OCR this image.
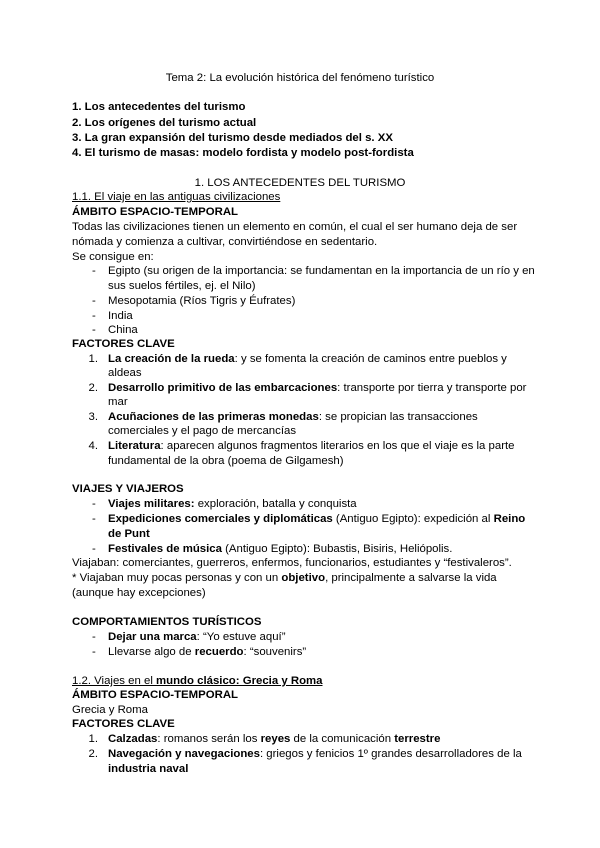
Tema 2: La evolución histórica del fenómeno turístico
1. Los antecedentes del turismo
2. Los orígenes del turismo actual
3. La gran expansión del turismo desde mediados del s. XX
4. El turismo de masas: modelo fordista y modelo post-fordista
1. LOS ANTECEDENTES DEL TURISMO
1.1. El viaje en las antiguas civilizaciones
ÁMBITO ESPACIO-TEMPORAL
Todas las civilizaciones tienen un elemento en común, el cual el ser humano deja de ser
nómada y comienza a cultivar, convirtiéndose en sedentario.
Se consigue en:
-	Egipto (su origen de la importancia: se fundamentan en la importancia de un río y en
sus suelos fértiles, ej. el Nilo)
-	Mesopotamia (Ríos Tigris y Éufrates)
-	India
-	China
FACTORES CLAVE
1. La creación de la rueda: y se fomenta la creación de caminos entre pueblos y
aldeas
2. Desarrollo primitivo de las embarcaciones: transporte por tierra y transporte por
mar
3. Acuñaciones de las primeras monedas: se propician las transacciones
comerciales y el pago de mercancías
4. Literatura: aparecen algunos fragmentos literarios en los que el viaje es la parte
fundamental de la obra (poema de Gilgamesh)
VIAJES Y VIAJEROS
-	Viajes militares: exploración, batalla y conquista
-	Expediciones comerciales y diplomáticas (Antiguo Egipto): expedición al Reino
de Punt
-	Festivales de música (Antiguo Egipto): Bubastis, Bisiris, Heliópolis.
Viajaban: comerciantes, guerreros, enfermos, funcionarios, estudiantes y “festivaleros”.
* Viajaban muy pocas personas y con un objetivo, principalmente a salvarse la vida
(aunque hay excepciones)
COMPORTAMIENTOS TURÍSTICOS
-	Dejar una marca: “Yo estuve aquí”
-	Llevarse algo de recuerdo: “souvenirs”
1.2. Viajes en el mundo clásico: Grecia y Roma
ÁMBITO ESPACIO-TEMPORAL
Grecia y Roma
FACTORES CLAVE
1. Calzadas: romanos serán los reyes de la comunicación terrestre
2. Navegación y navegaciones: griegos y fenicios 1º grandes desarrolladores de la
industria naval
